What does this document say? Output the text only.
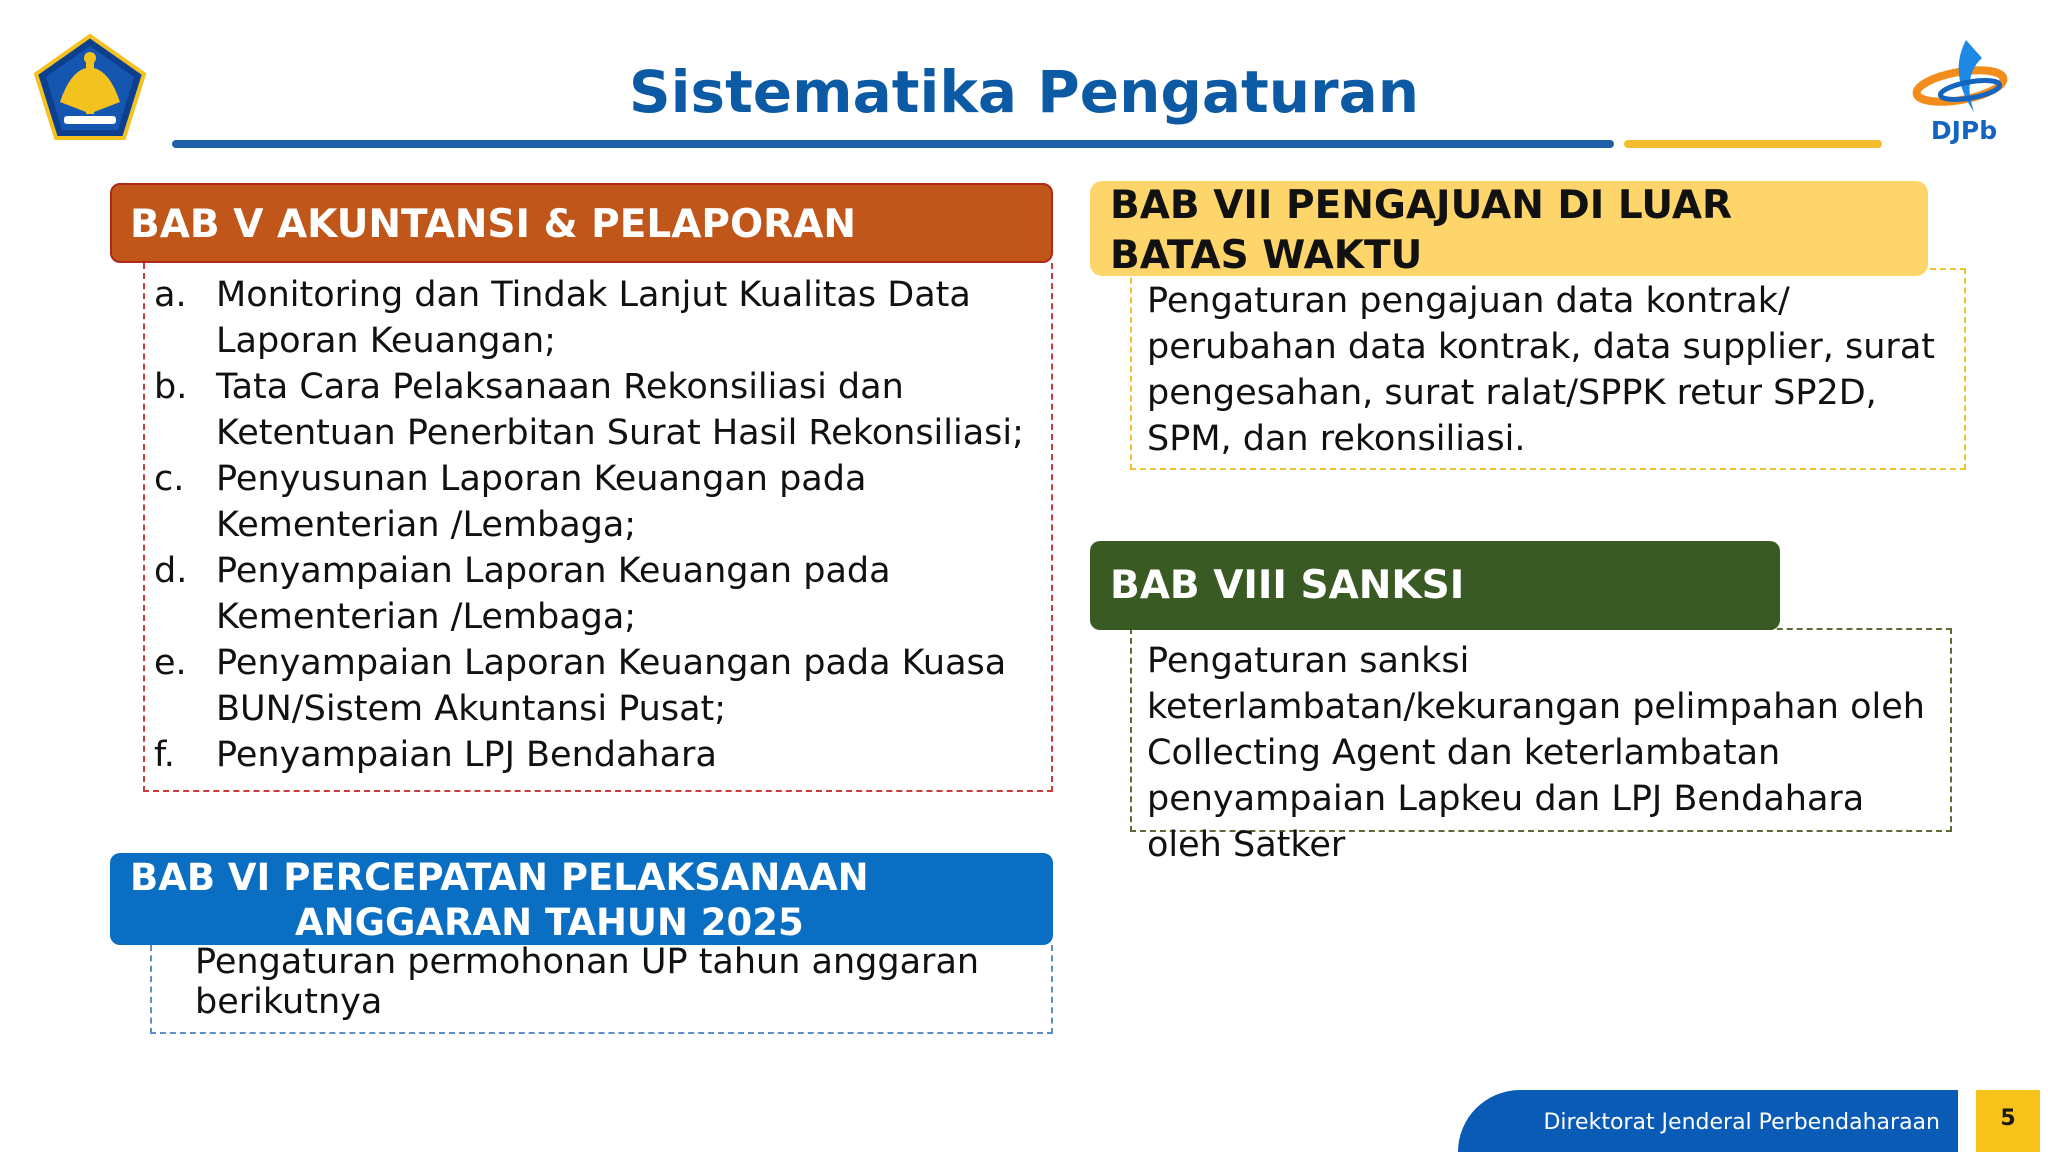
Sistematika Pengaturan
DJPb
BAB V AKUNTANSI & PELAPORAN
a. Monitoring dan Tindak Lanjut Kualitas Data Laporan Keuangan;
b. Tata Cara Pelaksanaan Rekonsiliasi dan Ketentuan Penerbitan Surat Hasil Rekonsiliasi;
c. Penyusunan Laporan Keuangan pada Kementerian /Lembaga;
d. Penyampaian Laporan Keuangan pada Kementerian /Lembaga;
e. Penyampaian Laporan Keuangan pada Kuasa BUN/Sistem Akuntansi Pusat;
f. Penyampaian LPJ Bendahara
BAB VI PERCEPATAN PELAKSANAAN
ANGGARAN TAHUN 2025
Pengaturan permohonan UP tahun anggaran berikutnya
BAB VII PENGAJUAN DI LUAR
BATAS WAKTU
Pengaturan pengajuan data kontrak/ perubahan data kontrak, data supplier, surat pengesahan, surat ralat/SPPK retur SP2D, SPM, dan rekonsiliasi.
BAB VIII SANKSI
Pengaturan sanksi keterlambatan/kekurangan pelimpahan oleh Collecting Agent dan keterlambatan penyampaian Lapkeu dan LPJ Bendahara oleh Satker
Direktorat Jenderal Perbendaharaan	5
